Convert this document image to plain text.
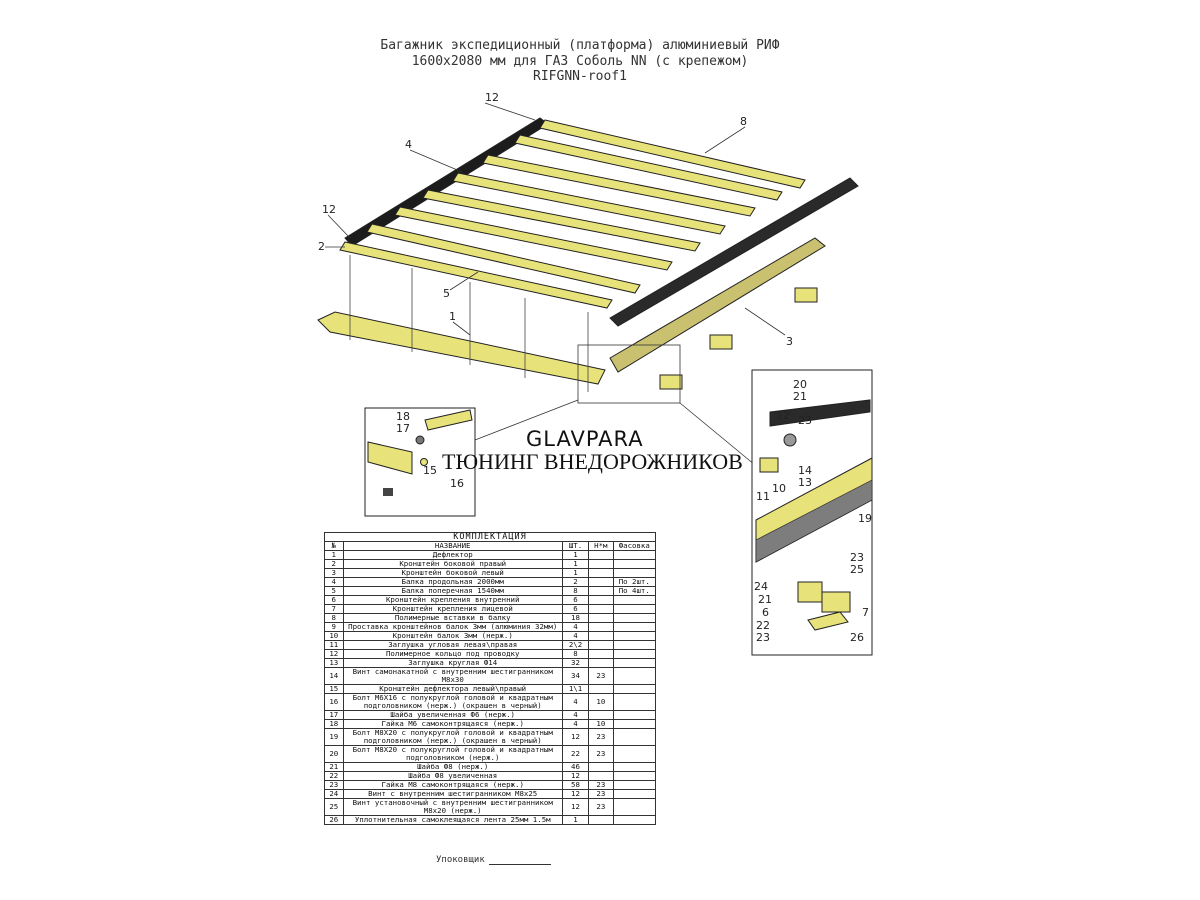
Багажник экспедиционный (платформа) алюминиевый РИФ
1600х2080 мм для ГАЗ Соболь NN (с крепежом)
RIFGNN-roof1
12
4
8
12
2
5
1
3
18
17
15
16
20
21
12 23
14
13
10
11
19
23
25
24
21
6
22
23
7
26
GLAVPARA
ТЮНИНГ ВНЕДОРОЖНИКОВ
КОМПЛЕКТАЦИЯ				
№	НАЗВАНИЕ	ШТ.	Н*м	Фасовка
1	Дефлектор	1		
2	Кронштейн боковой правый	1		
3	Кронштейн боковой левый	1		
4	Балка продольная 2000мм	2		По 2шт.
5	Балка поперечная 1540мм	8		По 4шт.
6	Кронштейн крепления внутренний	6		
7	Кронштейн крепления лицевой	6		
8	Полимерные вставки в балку	18		
9	Проставка кронштейнов балок 3мм (алюминия 32мм)	4		
10	Кронштейн балок 3мм (нерж.)	4		
11	Заглушка угловая левая\правая	2\2		
12	Полимерное кольцо под проводку	8		
13	Заглушка круглая Ф14	32		
14	Винт самонакатной с внутренним шестигранником М8х30	34	23	
15	Кронштейн дефлектора левый\правый	1\1		
16	Болт М6Х16 с полукруглой головой и квадратным подголовником (нерж.) (окрашен в черный)	4	10	
17	Шайба увеличенная Ф6 (нерж.)	4		
18	Гайка М6 самоконтрящаяся (нерж.)	4	10	
19	Болт М8Х20 с полукруглой головой и квадратным подголовником (нерж.) (окрашен в черный)	12	23	
20	Болт М8Х20 с полукруглой головой и квадратным подголовником (нерж.)	22	23	
21	Шайба Ф8 (нерж.)	46		
22	Шайба Ф8 увеличенная	12		
23	Гайка М8 самоконтрящаяся (нерж.)	58	23	
24	Винт с внутренним шестигранником М8х25	12	23	
25	Винт установочный с внутренним шестигранником М8х20 (нерж.)	12	23	
26	Уплотнительная самоклеящаяся лента 25мм 1.5м	1		
Упоковщик
